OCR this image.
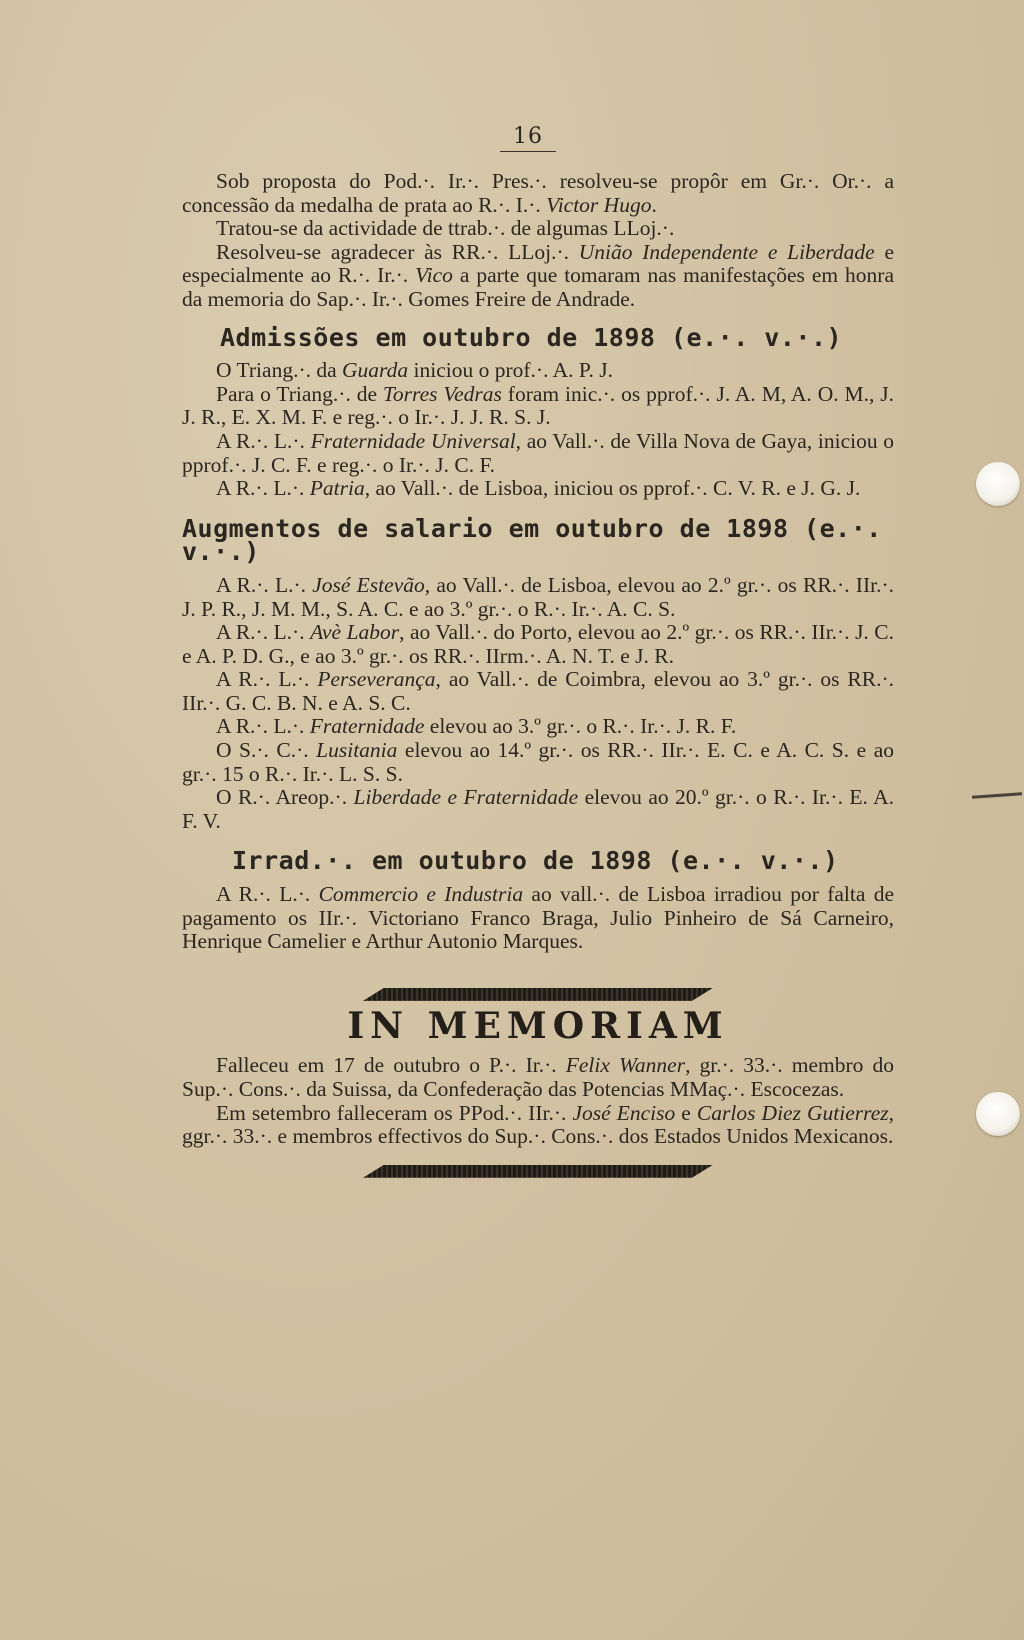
16

Sob proposta do Pod.·. Ir.·. Pres.·. resolveu-se propôr em Gr.·. Or.·. a concessão da medalha de prata ao R.·. I.·. Victor Hugo.

Tratou-se da actividade de ttrab.·. de algumas LLoj.·.

Resolveu-se agradecer às RR.·. LLoj.·. União Independente e Liberdade e especialmente ao R.·. Ir.·. Vico a parte que tomaram nas manifestações em honra da memoria do Sap.·. Ir.·. Gomes Freire de Andrade.

Admissões em outubro de 1898 (e.·. v.·.)

O Triang.·. da Guarda iniciou o prof.·. A. P. J.

Para o Triang.·. de Torres Vedras foram inic.·. os pprof.·. J. A. M, A. O. M., J. J. R., E. X. M. F. e reg.·. o Ir.·. J. J. R. S. J.

A R.·. L.·. Fraternidade Universal, ao Vall.·. de Villa Nova de Gaya, iniciou o pprof.·. J. C. F. e reg.·. o Ir.·. J. C. F.

A R.·. L.·. Patria, ao Vall.·. de Lisboa, iniciou os pprof.·. C. V. R. e J. G. J.

Augmentos de salario em outubro de 1898 (e.·. v.·.)

A R.·. L.·. José Estevão, ao Vall.·. de Lisboa, elevou ao 2.º gr.·. os RR.·. IIr.·. J. P. R., J. M. M., S. A. C. e ao 3.º gr.·. o R.·. Ir.·. A. C. S.

A R.·. L.·. Avè Labor, ao Vall.·. do Porto, elevou ao 2.º gr.·. os RR.·. IIr.·. J. C. e A. P. D. G., e ao 3.º gr.·. os RR.·. IIrm.·. A. N. T. e J. R.

A R.·. L.·. Perseverança, ao Vall.·. de Coimbra, elevou ao 3.º gr.·. os RR.·. IIr.·. G. C. B. N. e A. S. C.

A R.·. L.·. Fraternidade elevou ao 3.º gr.·. o R.·. Ir.·. J. R. F.

O S.·. C.·. Lusitania elevou ao 14.º gr.·. os RR.·. IIr.·. E. C. e A. C. S. e ao gr.·. 15 o R.·. Ir.·. L. S. S.

O R.·. Areop.·. Liberdade e Fraternidade elevou ao 20.º gr.·. o R.·. Ir.·. E. A. F. V.

Irrad.·. em outubro de 1898 (e.·. v.·.)

A R.·. L.·. Commercio e Industria ao vall.·. de Lisboa irradiou por falta de pagamento os IIr.·. Victoriano Franco Braga, Julio Pinheiro de Sá Carneiro, Henrique Camelier e Arthur Autonio Marques.

IN MEMORIAM

Falleceu em 17 de outubro o P.·. Ir.·. Felix Wanner, gr.·. 33.·. membro do Sup.·. Cons.·. da Suissa, da Confederação das Potencias MMaç.·. Escocezas.

Em setembro falleceram os PPod.·. IIr.·. José Enciso e Carlos Diez Gutierrez, ggr.·. 33.·. e membros effectivos do Sup.·. Cons.·. dos Estados Unidos Mexicanos.
